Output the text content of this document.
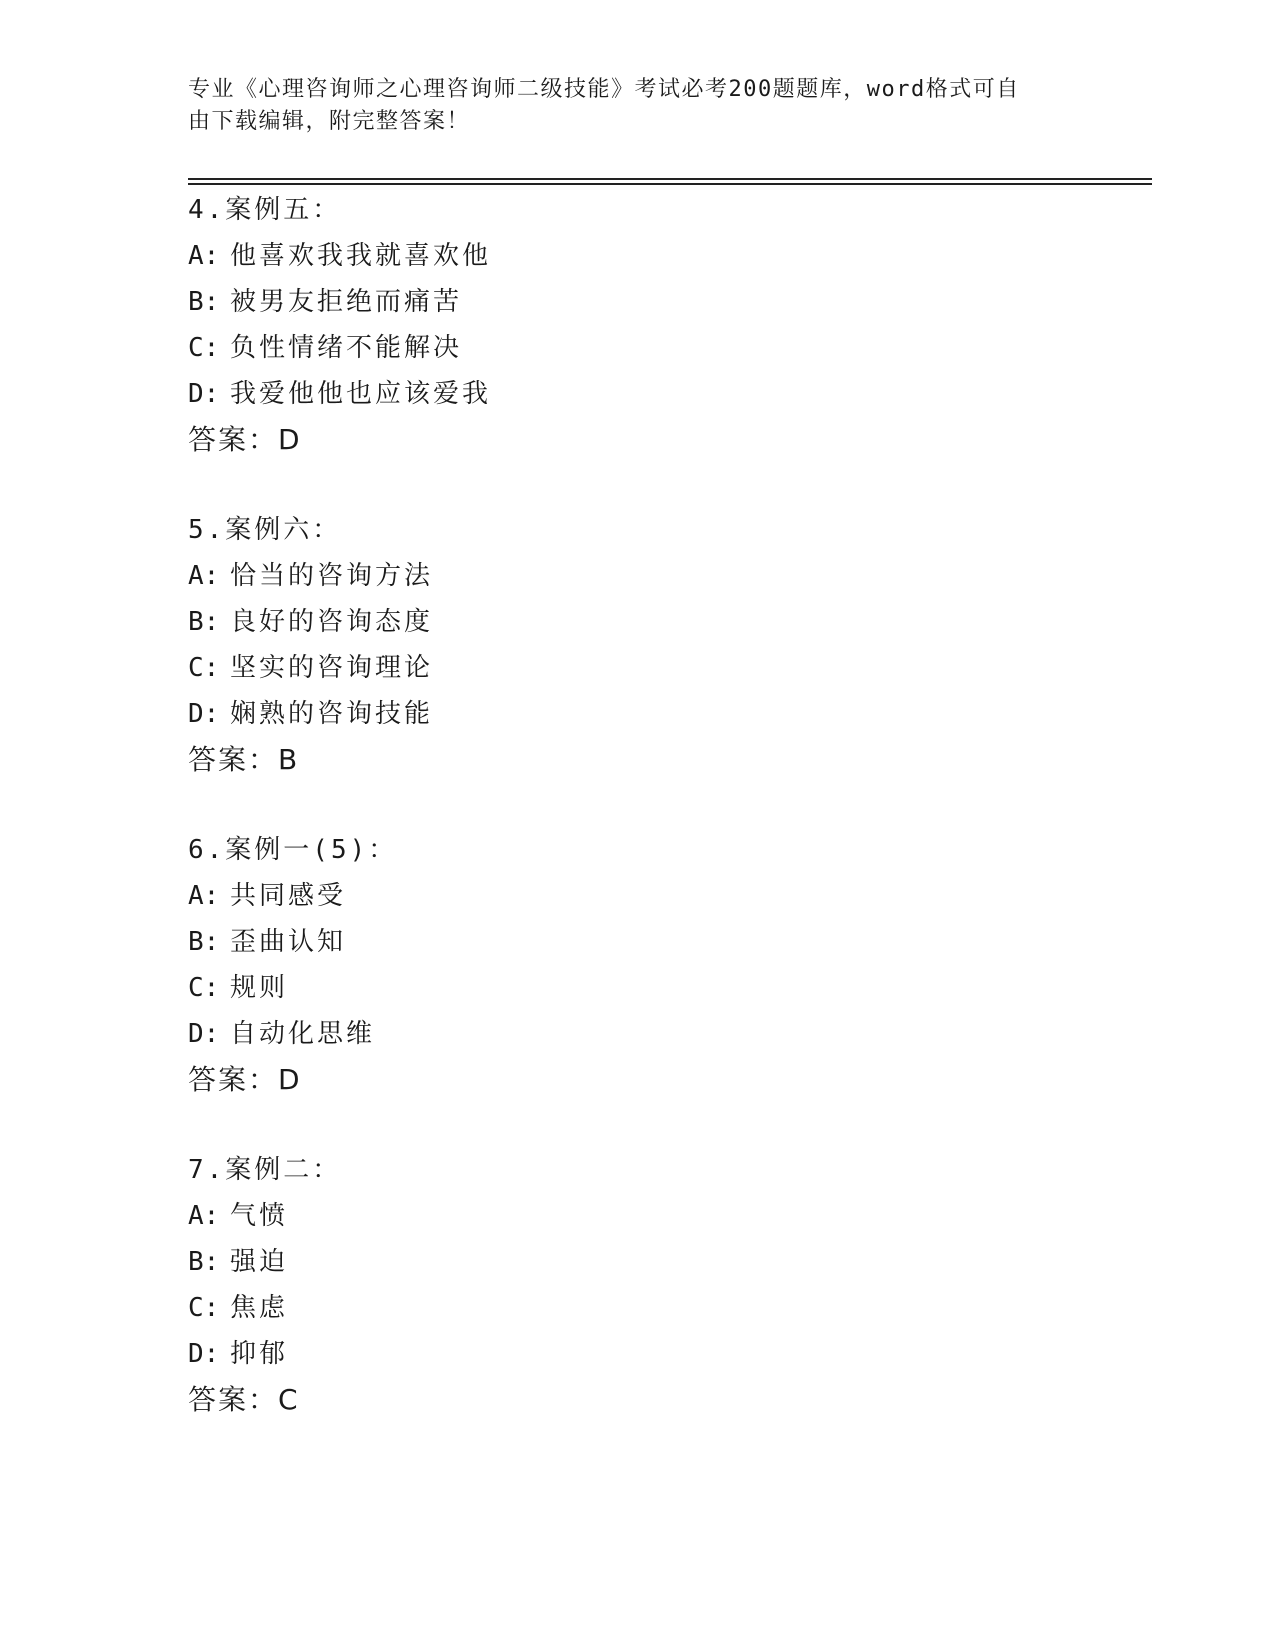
专业《心理咨询师之心理咨询师二级技能》考试必考200题题库，word格式可自
由下载编辑，附完整答案！
4.案例五：
A: 他喜欢我我就喜欢他
B: 被男友拒绝而痛苦
C: 负性情绪不能解决
D: 我爱他他也应该爱我
答案：D
5.案例六：
A: 恰当的咨询方法
B: 良好的咨询态度
C: 坚实的咨询理论
D: 娴熟的咨询技能
答案：B
6.案例一(5)：
A: 共同感受
B: 歪曲认知
C: 规则
D: 自动化思维
答案：D
7.案例二：
A: 气愤
B: 强迫
C: 焦虑
D: 抑郁
答案：C
